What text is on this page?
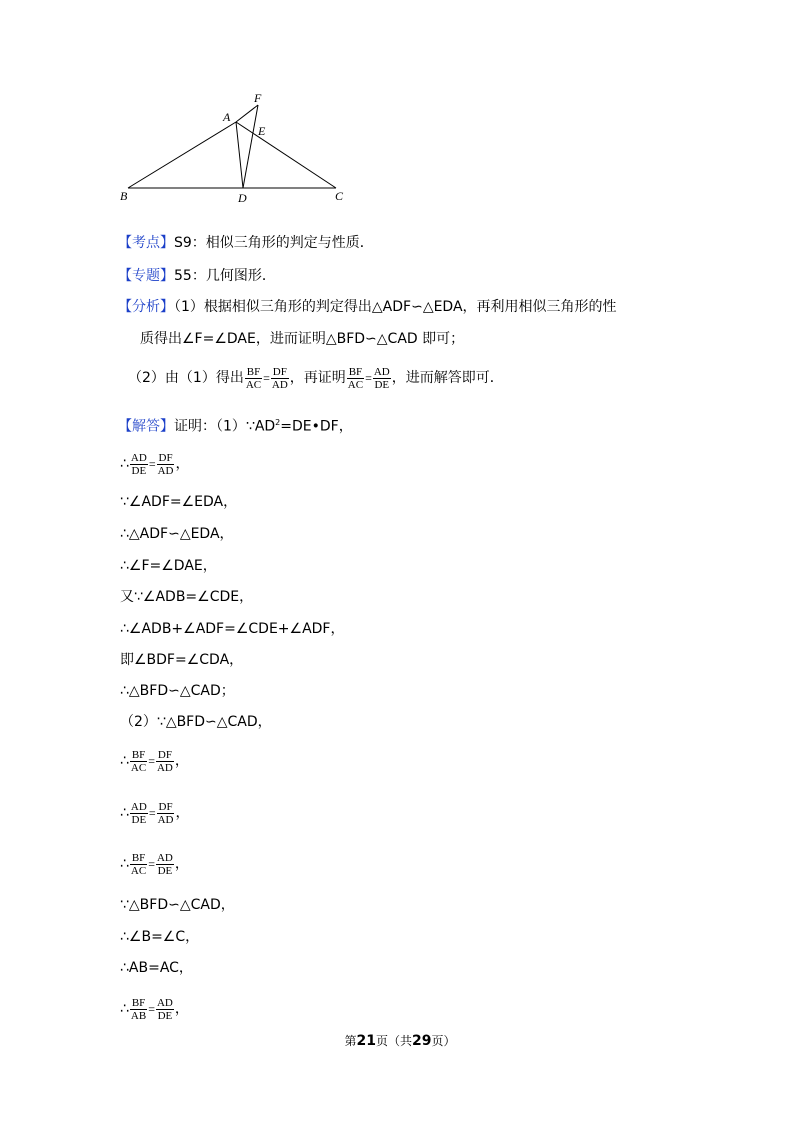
A
F
E
B	D	C
【考点】S9：相似三角形的判定与性质．
【专题】55：几何图形．
【分析】（1）根据相似三角形的判定得出△ADF∽△EDA，再利用相似三角形的性
质得出∠F=∠DAE，进而证明△BFD∽△CAD 即可；
（2）由（1）得出 $\frac{BF}{AC} = \frac{DF}{AD}$ ，再证明 $\frac{BF}{AC} = \frac{AD}{DE}$ ，进而解答即可．
【解答】证明：$(1)\because AD^2=DE•DF$，
∴ $\frac{AD}{DE} = \frac{DF}{AD}$ ，
∵∠ADF=∠EDA，
∴△ADF∽△EDA，
∴∠F=∠DAE，
又∵∠ADB=∠CDE，
∴∠ADB+∠ADF=∠CDE+∠ADF，
即∠BDF=∠CDA，
∴△BFD∽△CAD；
（2）∵△BFD∽△CAD，
∴ $\frac{BF}{AC} = \frac{DF}{AD}$ ，
∴ $\frac{AD}{DE} = \frac{DF}{AD}$ ，
∴ $\frac{BF}{AC} = \frac{AD}{DE}$ ，
∵△BFD∽△CAD，
∴∠B=∠C，
∴AB=AC，
∴ $\frac{BF}{AB} = \frac{AD}{DE}$ ，
第21页（共29页）
